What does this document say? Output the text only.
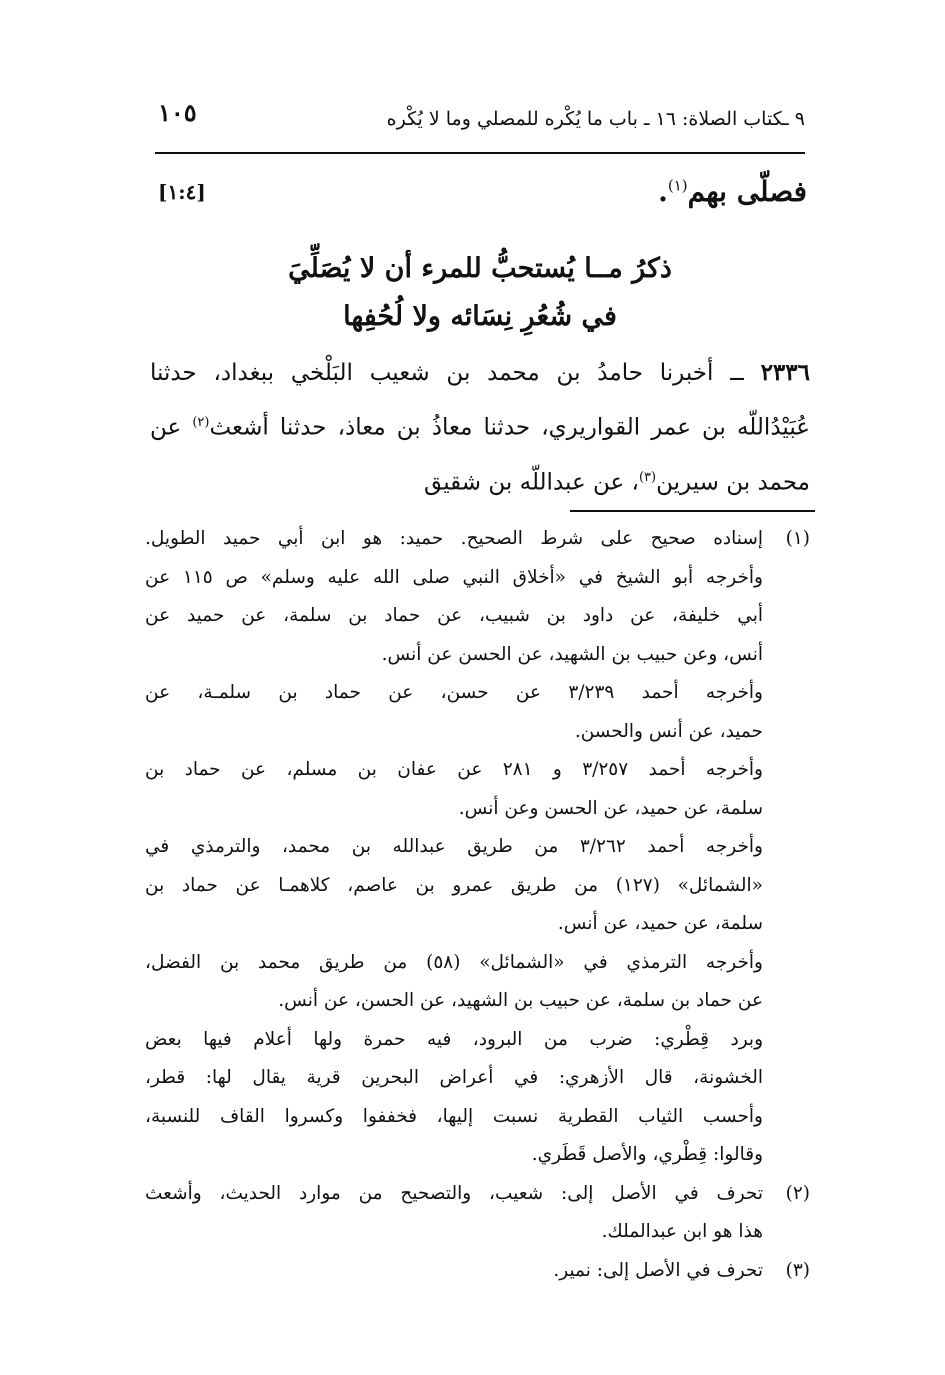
٩ ـكتاب الصلاة: ١٦ ـ باب ما يُكْره للمصلي وما لا يُكْره
١٠٥
فصلّى بهم$^{(١)}$.
[١:٤]
ذكرُ مــا يُستحبُّ للمرء أن لا يُصَلِّيَ
في شُعُرِ نِسَائه ولا لُحُفِها
٢٣٣٦ ــ أخبرنا حامدُ بن محمد بن شعيب البَلْخي ببغداد، حدثنا
عُبَيْدُاللّه بن عمر القواريري، حدثنا معاذُ بن معاذ، حدثنا أشعث$^{(٢)}$ عن
محمد بن سيرين$^{(٣)}$، عن عبداللّه بن شقيق
(١)
إسناده صحيح على شرط الصحيح. حميد: هو ابن أبي حميد الطويل.
وأخرجه أبو الشيخ في «أخلاق النبي صلى الله عليه وسلم» ص ١١٥ عن
أبي خليفة، عن داود بن شبيب، عن حماد بن سلمة، عن حميد عن
أنس، وعن حبيب بن الشهيد، عن الحسن عن أنس.
وأخرجه أحمد ٣/٢٣٩ عن حسن، عن حماد بن سلمـة، عن
حميد، عن أنس والحسن.
وأخرجه أحمد ٣/٢٥٧ و ٢٨١ عن عفان بن مسلم، عن حماد بن
سلمة، عن حميد، عن الحسن وعن أنس.
وأخرجه أحمد ٣/٢٦٢ من طريق عبدالله بن محمد، والترمذي في
«الشمائل» (١٢٧) من طريق عمرو بن عاصم، كلاهمـا عن حماد بن
سلمة، عن حميد، عن أنس.
وأخرجه الترمذي في «الشمائل» (٥٨) من طريق محمد بن الفضل،
عن حماد بن سلمة، عن حبيب بن الشهيد، عن الحسن، عن أنس.
وبرد قِطْري: ضرب من البرود، فيه حمرة ولها أعلام فيها بعض
الخشونة، قال الأزهري: في أعراض البحرين قرية يقال لها: قطر،
وأحسب الثياب القطرية نسبت إليها، فخففوا وكسروا القاف للنسبة،
وقالوا: قِطْري، والأصل قَطَري.
(٢)
تحرف في الأصل إلى: شعيب، والتصحيح من موارد الحديث، وأشعث
هذا هو ابن عبدالملك.
(٣)
تحرف في الأصل إلى: نمير.
